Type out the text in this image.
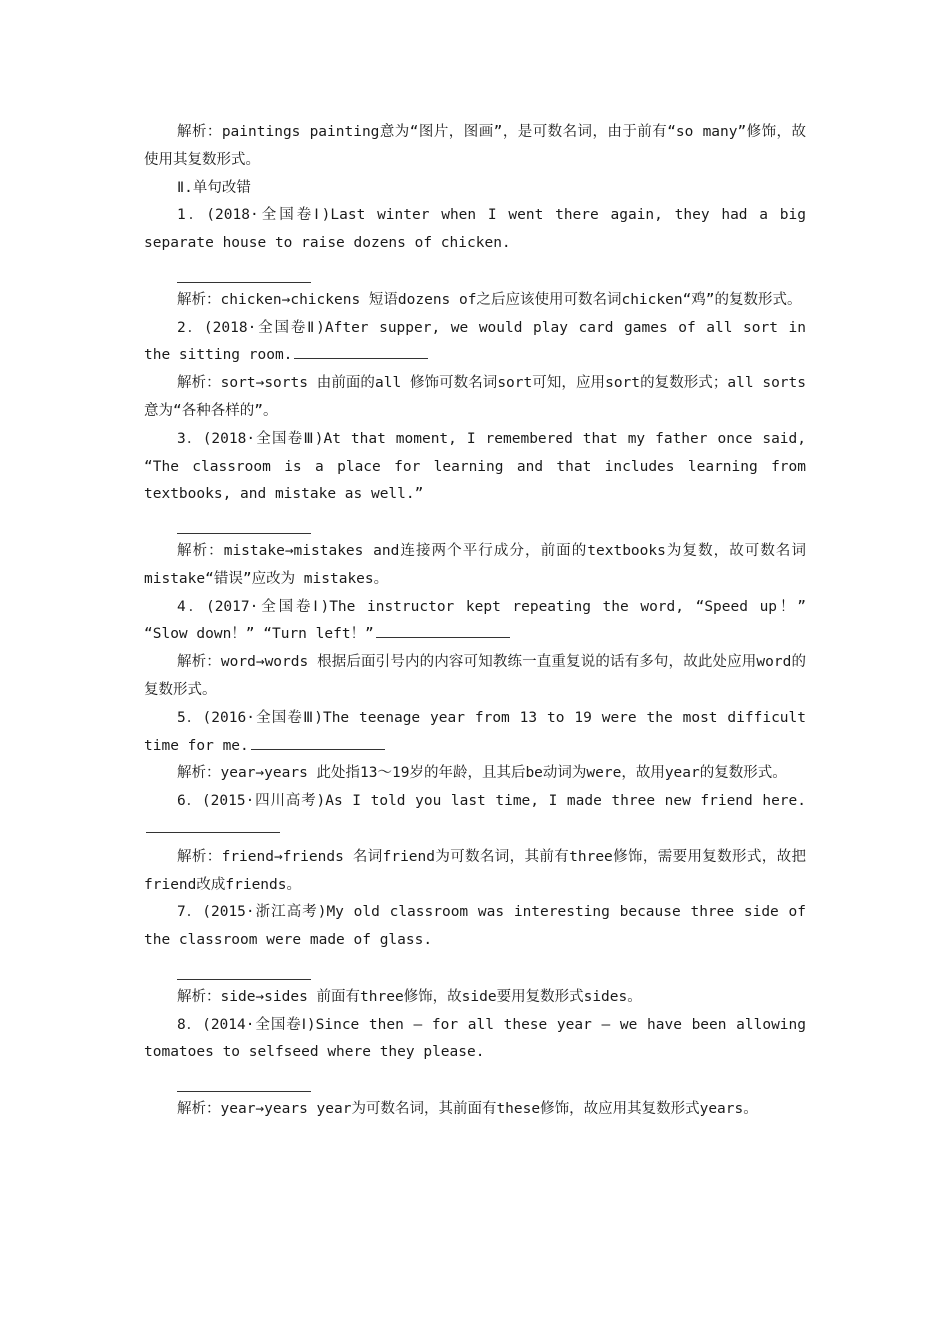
解析：paintings painting意为“图片，图画”，是可数名词，由于前有“so many”修饰，故使用其复数形式。

Ⅱ.单句改错

1．(2018·全国卷Ⅰ)Last winter when I went there again, they had a big separate house to raise dozens of chicken.

解析：chicken→chickens 短语dozens of之后应该使用可数名词chicken“鸡”的复数形式。

2．(2018·全国卷Ⅱ)After supper, we would play card games of all sort in the sitting room.

解析：sort→sorts 由前面的all 修饰可数名词sort可知，应用sort的复数形式；all sorts意为“各种各样的”。

3．(2018·全国卷Ⅲ)At that moment, I remembered that my father once said, “The classroom is a place for learning and that includes learning from textbooks, and mistake as well.”

解析：mistake→mistakes and连接两个平行成分，前面的textbooks为复数，故可数名词mistake“错误”应改为 mistakes。

4．(2017·全国卷Ⅰ)The instructor kept repeating the word, “Speed up！” “Slow down！” “Turn left！”

解析：word→words 根据后面引号内的内容可知教练一直重复说的话有多句，故此处应用word的复数形式。

5．(2016·全国卷Ⅲ)The teenage year from 13 to 19 were the most difficult time for me.

解析：year→years 此处指13～19岁的年龄，且其后be动词为were，故用year的复数形式。

6．(2015·四川高考)As I told you last time, I made three new friend here.

解析：friend→friends 名词friend为可数名词，其前有three修饰，需要用复数形式，故把friend改成friends。

7．(2015·浙江高考)My old classroom was interesting because three side of the classroom were made of glass.

解析：side→sides 前面有three修饰，故side要用复数形式sides。

8．(2014·全国卷Ⅰ)Since then — for all these year — we have been allowing tomatoes to selfseed where they please.

解析：year→years year为可数名词，其前面有these修饰，故应用其复数形式years。
